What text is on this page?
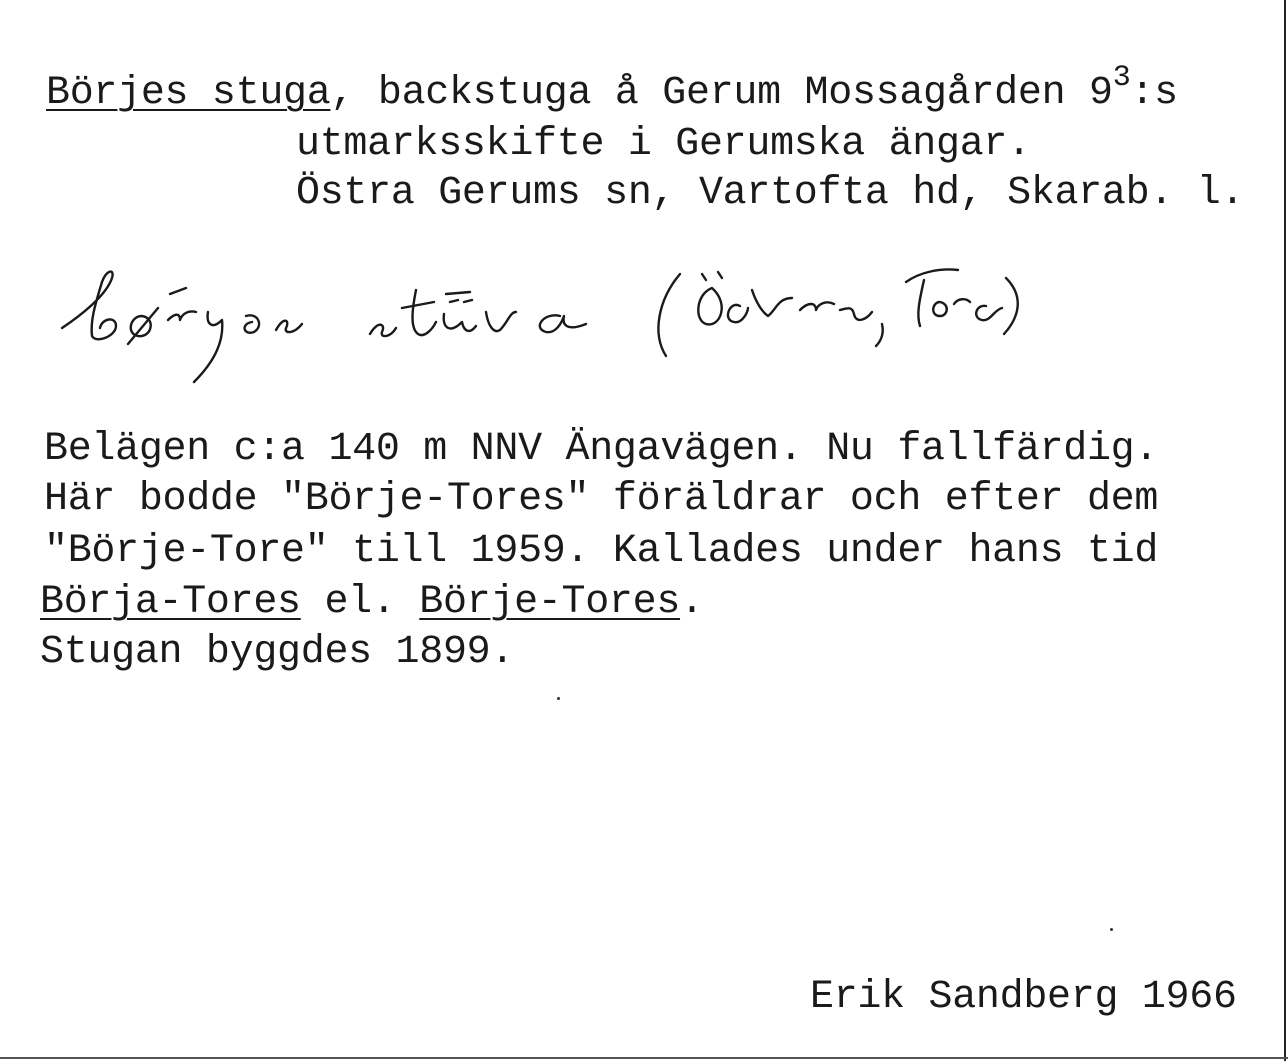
Börjes stuga, backstuga å Gerum Mossagården $9^3:s$
utmarksskifte i Gerumska ängar.
Östra Gerums sn, Vartofta hd, Skarab. l.
Belägen c:a 140 m NNV Ängavägen. Nu fallfärdig.
Här bodde "Börje-Tores" föräldrar och efter dem
"Börje-Tore" till 1959. Kallades under hans tid
Börja-Tores el. Börje-Tores.
Stugan byggdes 1899.
Erik Sandberg 1966
